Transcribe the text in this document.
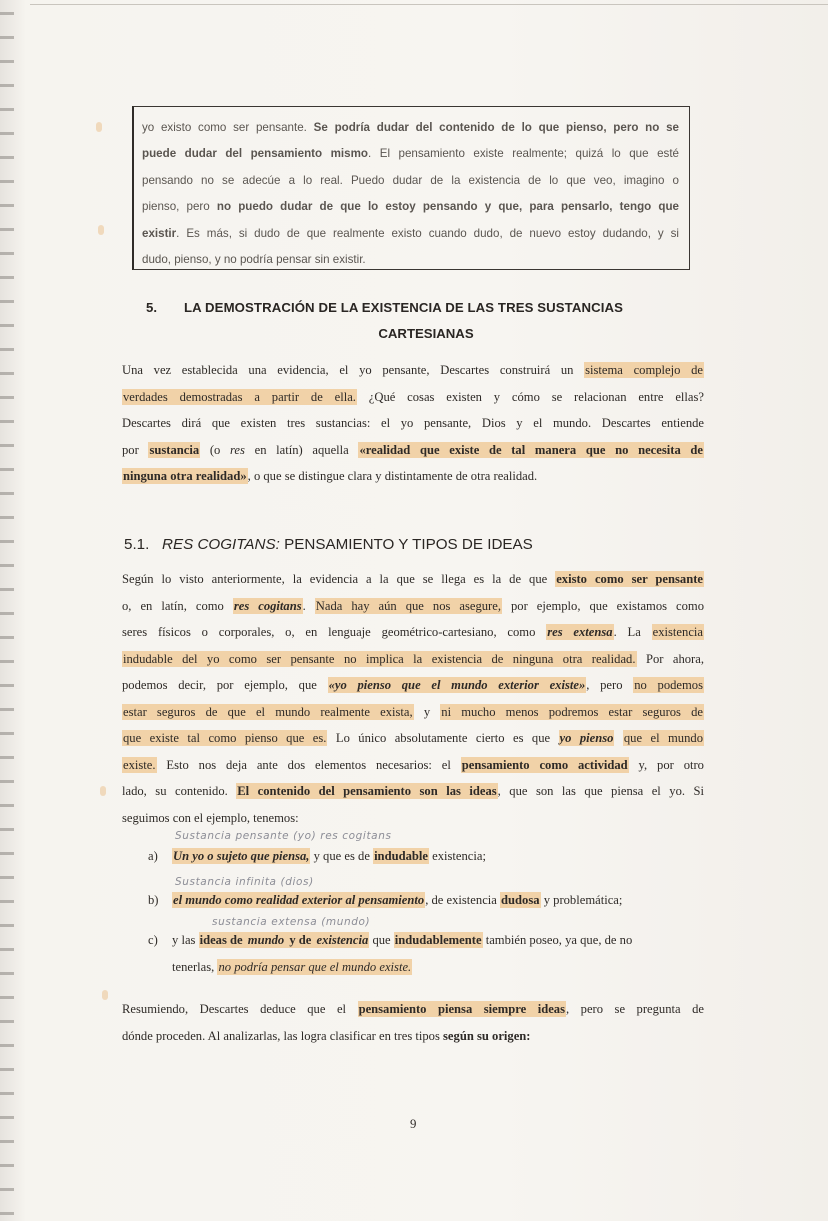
yo existo como ser pensante. Se podría dudar del contenido de lo que pienso, pero no se
puede dudar del pensamiento mismo. El pensamiento existe realmente; quizá lo que esté
pensando no se adecúe a lo real. Puedo dudar de la existencia de lo que veo, imagino o
pienso, pero no puedo dudar de que lo estoy pensando y que, para pensarlo, tengo que
existir. Es más, si dudo de que realmente existo cuando dudo, de nuevo estoy dudando, y si
dudo, pienso, y no podría pensar sin existir.
5. LA DEMOSTRACIÓN DE LA EXISTENCIA DE LAS TRES SUSTANCIAS
CARTESIANAS
Una vez establecida una evidencia, el yo pensante, Descartes construirá un sistema complejo de
verdades demostradas a partir de ella. ¿Qué cosas existen y cómo se relacionan entre ellas?
Descartes dirá que existen tres sustancias: el yo pensante, Dios y el mundo. Descartes entiende
por sustancia (o res en latín) aquella «realidad que existe de tal manera que no necesita de
ninguna otra realidad», o que se distingue clara y distintamente de otra realidad.
5.1. RES COGITANS: PENSAMIENTO Y TIPOS DE IDEAS
Según lo visto anteriormente, la evidencia a la que se llega es la de que existo como ser pensante
o, en latín, como res cogitans. Nada hay aún que nos asegure, por ejemplo, que existamos como
seres físicos o corporales, o, en lenguaje geométrico-cartesiano, como res extensa. La existencia
indudable del yo como ser pensante no implica la existencia de ninguna otra realidad. Por ahora,
podemos decir, por ejemplo, que «yo pienso que el mundo exterior existe», pero no podemos
estar seguros de que el mundo realmente exista, y ni mucho menos podremos estar seguros de
que existe tal como pienso que es. Lo único absolutamente cierto es que yo pienso que el mundo
existe. Esto nos deja ante dos elementos necesarios: el pensamiento como actividad y, por otro
lado, su contenido. El contenido del pensamiento son las ideas, que son las que piensa el yo. Si
seguimos con el ejemplo, tenemos:
Sustancia pensante (yo) res cogitans
Sustancia infinita (dios)
sustancia extensa (mundo)
a) Un yo o sujeto que piensa, y que es de indudable existencia;
b) el mundo como realidad exterior al pensamiento, de existencia dudosa y problemática;
c) y las ideas de mundo y de existencia que indudablemente también poseo, ya que, de no
tenerlas, no podría pensar que el mundo existe.
Resumiendo, Descartes deduce que el pensamiento piensa siempre ideas, pero se pregunta de
dónde proceden. Al analizarlas, las logra clasificar en tres tipos según su origen:
9
